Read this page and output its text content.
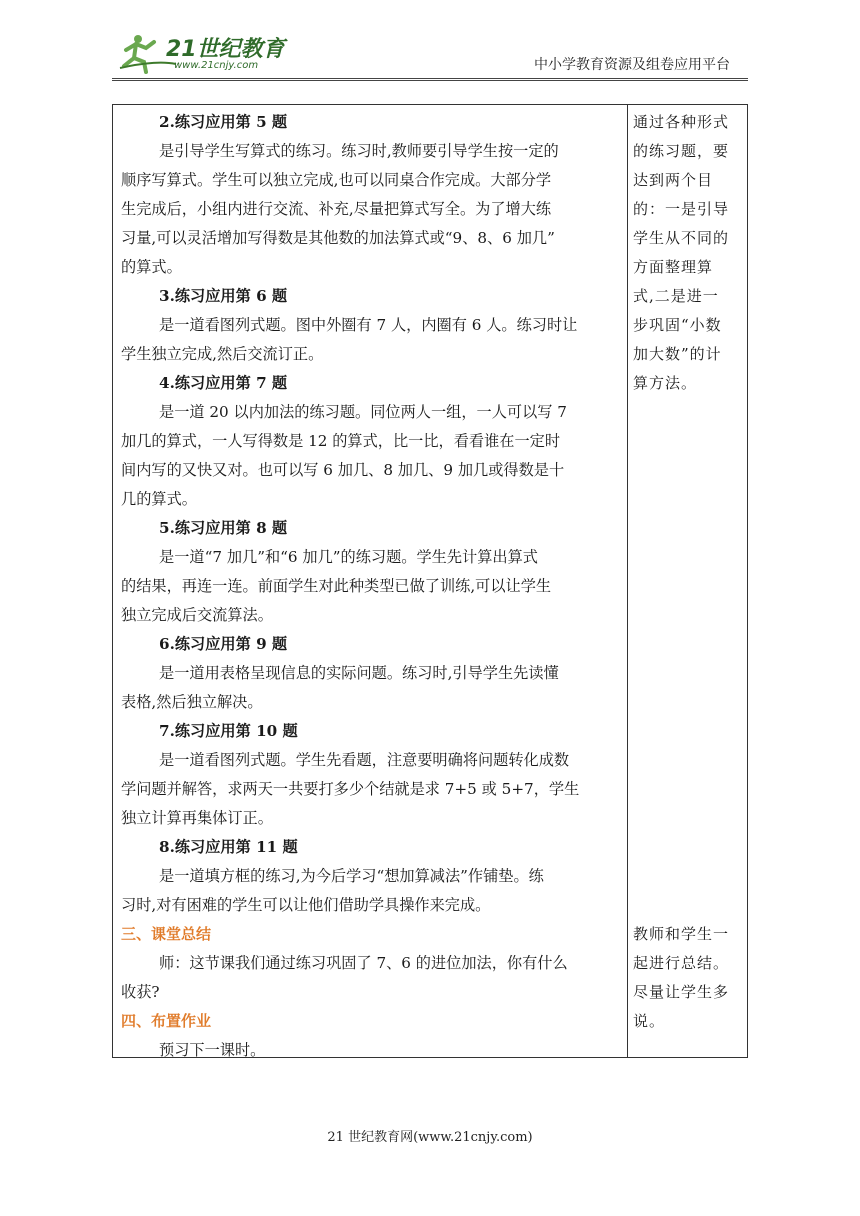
21世纪教育
www.21cnjy.com	中小学教育资源及组卷应用平台
2.练习应用第 5 题
是引导学生写算式的练习。练习时,教师要引导学生按一定的
顺序写算式。学生可以独立完成,也可以同桌合作完成。大部分学
生完成后，小组内进行交流、补充,尽量把算式写全。为了增大练
习量,可以灵活增加写得数是其他数的加法算式或“9、8、6 加几”
的算式。
3.练习应用第 6 题
是一道看图列式题。图中外圈有 7 人，内圈有 6 人。练习时让
学生独立完成,然后交流订正。
4.练习应用第 7 题
是一道 20 以内加法的练习题。同位两人一组，一人可以写 7
加几的算式，一人写得数是 12 的算式，比一比，看看谁在一定时
间内写的又快又对。也可以写 6 加几、8 加几、9 加几或得数是十
几的算式。
5.练习应用第 8 题
是一道“7 加几”和“6 加几”的练习题。学生先计算出算式
的结果，再连一连。前面学生对此种类型已做了训练,可以让学生
独立完成后交流算法。
6.练习应用第 9 题
是一道用表格呈现信息的实际问题。练习时,引导学生先读懂
表格,然后独立解决。
7.练习应用第 10 题
是一道看图列式题。学生先看题，注意要明确将问题转化成数
学问题并解答，求两天一共要打多少个结就是求 7+5 或 5+7，学生
独立计算再集体订正。
8.练习应用第 11 题
是一道填方框的练习,为今后学习“想加算减法”作铺垫。练
习时,对有困难的学生可以让他们借助学具操作来完成。
三、课堂总结
师：这节课我们通过练习巩固了 7、6 的进位加法，你有什么
收获?
四、布置作业
预习下一课时。
通过各种形式
的练习题，要
达到两个目
的：一是引导
学生从不同的
方面整理算
式,二是进一
步巩固“小数
加大数”的计
算方法。
教师和学生一
起进行总结。
尽量让学生多
说。
21 世纪教育网(www.21cnjy.com)
